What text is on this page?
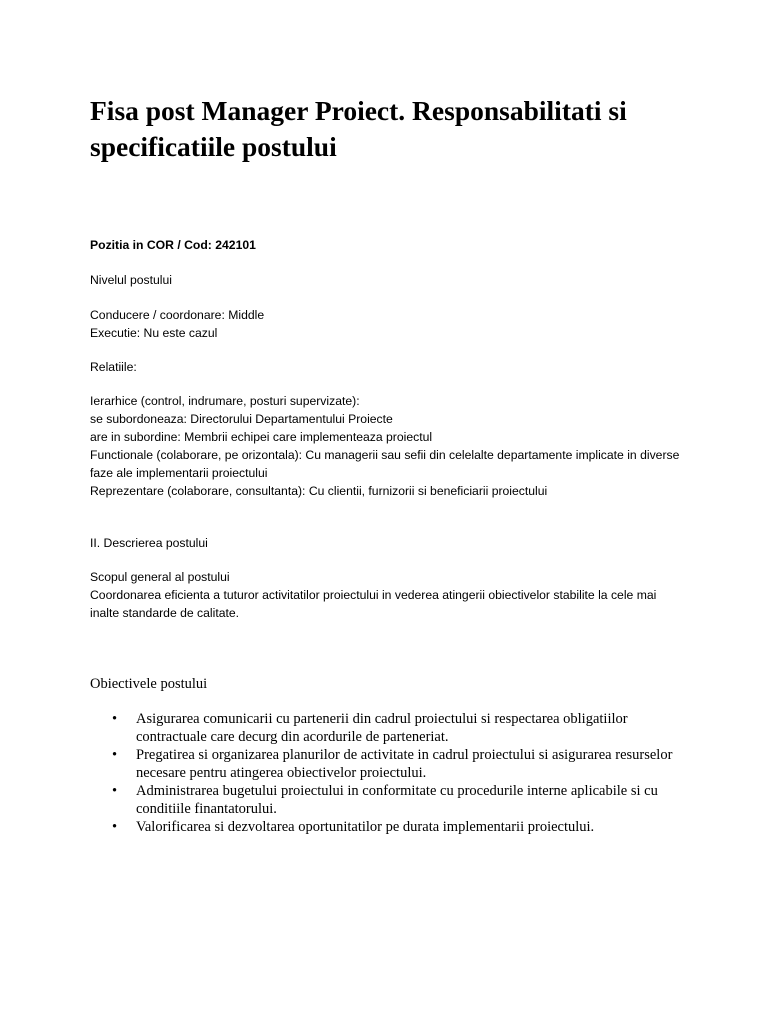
Fisa post Manager Proiect. Responsabilitati si specificatiile postului

Pozitia in COR / Cod: 242101

Nivelul postului

Conducere / coordonare: Middle
Executie: Nu este cazul

Relatiile:

Ierarhice (control, indrumare, posturi supervizate):
se subordoneaza: Directorului Departamentului Proiecte
are in subordine: Membrii echipei care implementeaza proiectul
Functionale (colaborare, pe orizontala): Cu managerii sau sefii din celelalte departamente implicate in diverse faze ale implementarii proiectului
Reprezentare (colaborare, consultanta): Cu clientii, furnizorii si beneficiarii proiectului

II. Descrierea postului

Scopul general al postului
Coordonarea eficienta a tuturor activitatilor proiectului in vederea atingerii obiectivelor stabilite la cele mai inalte standarde de calitate.

Obiectivele postului

• Asigurarea comunicarii cu partenerii din cadrul proiectului si respectarea obligatiilor contractuale care decurg din acordurile de parteneriat.
• Pregatirea si organizarea planurilor de activitate in cadrul proiectului si asigurarea resurselor necesare pentru atingerea obiectivelor proiectului.
• Administrarea bugetului proiectului in conformitate cu procedurile interne aplicabile si cu conditiile finantatorului.
• Valorificarea si dezvoltarea oportunitatilor pe durata implementarii proiectului.
